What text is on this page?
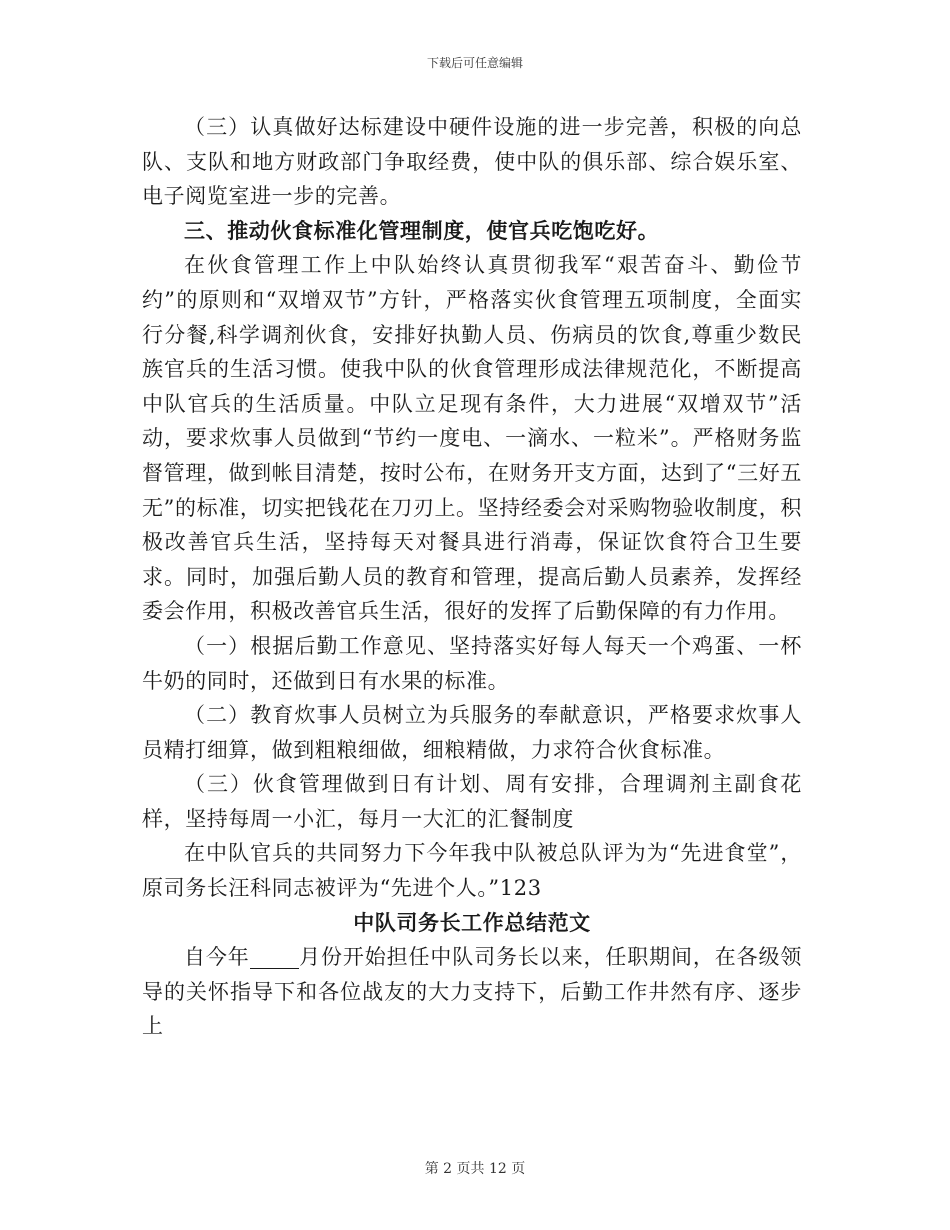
下载后可任意编辑

（三）认真做好达标建设中硬件设施的进一步完善，积极的向总队、支队和地方财政部门争取经费，使中队的俱乐部、综合娱乐室、电子阅览室进一步的完善。

三、推动伙食标准化管理制度，使官兵吃饱吃好。

在伙食管理工作上中队始终认真贯彻我军“艰苦奋斗、勤俭节约”的原则和“双增双节”方针，严格落实伙食管理五项制度，全面实行分餐,科学调剂伙食，安排好执勤人员、伤病员的饮食,尊重少数民族官兵的生活习惯。使我中队的伙食管理形成法律规范化，不断提高中队官兵的生活质量。中队立足现有条件，大力进展“双增双节”活动，要求炊事人员做到“节约一度电、一滴水、一粒米”。严格财务监督管理，做到帐目清楚，按时公布，在财务开支方面，达到了“三好五无”的标准，切实把钱花在刀刃上。坚持经委会对采购物验收制度，积极改善官兵生活，坚持每天对餐具进行消毒，保证饮食符合卫生要求。同时，加强后勤人员的教育和管理，提高后勤人员素养，发挥经委会作用，积极改善官兵生活，很好的发挥了后勤保障的有力作用。

（一）根据后勤工作意见、坚持落实好每人每天一个鸡蛋、一杯牛奶的同时，还做到日有水果的标准。

（二）教育炊事人员树立为兵服务的奉献意识，严格要求炊事人员精打细算，做到粗粮细做，细粮精做，力求符合伙食标准。

（三）伙食管理做到日有计划、周有安排，合理调剂主副食花样，坚持每周一小汇，每月一大汇的汇餐制度

在中队官兵的共同努力下今年我中队被总队评为为“先进食堂”，原司务长汪科同志被评为“先进个人。”123

中队司务长工作总结范文

自今年 月份开始担任中队司务长以来，任职期间，在各级领导的关怀指导下和各位战友的大力支持下，后勤工作井然有序、逐步上

第 2 页共 12 页
